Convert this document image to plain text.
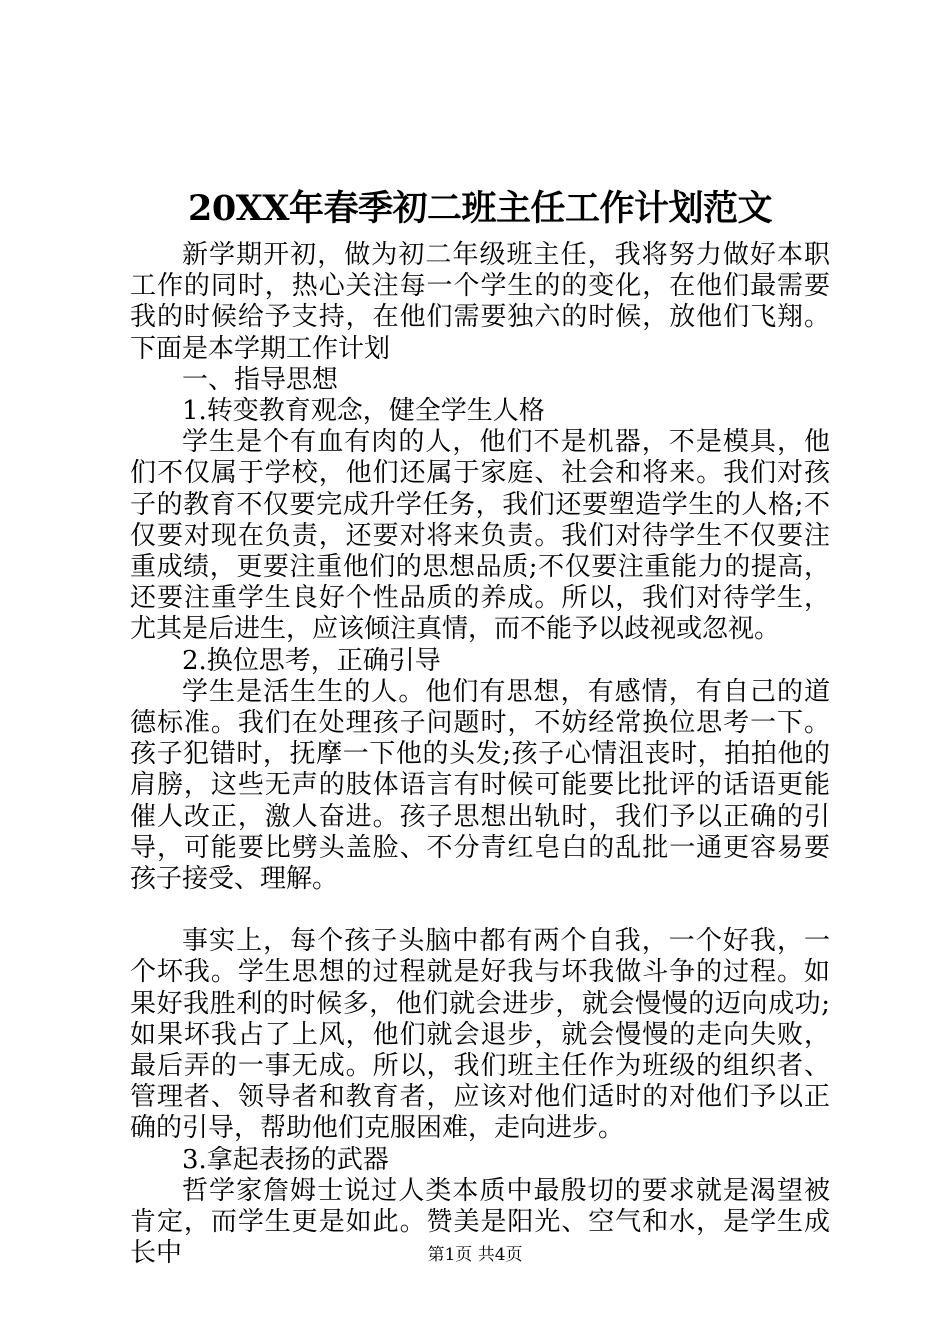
20XX年春季初二班主任工作计划范文

新学期开初，做为初二年级班主任，我将努力做好本职工作的同时，热心关注每一个学生的的变化，在他们最需要我的时候给予支持，在他们需要独六的时候，放他们飞翔。下面是本学期工作计划

一、指导思想

1.转变教育观念，健全学生人格

学生是个有血有肉的人，他们不是机器，不是模具，他们不仅属于学校，他们还属于家庭、社会和将来。我们对孩子的教育不仅要完成升学任务，我们还要塑造学生的人格;不仅要对现在负责，还要对将来负责。我们对待学生不仅要注重成绩，更要注重他们的思想品质;不仅要注重能力的提高，还要注重学生良好个性品质的养成。所以，我们对待学生，尤其是后进生，应该倾注真情，而不能予以歧视或忽视。

2.换位思考，正确引导

学生是活生生的人。他们有思想，有感情，有自己的道德标准。我们在处理孩子问题时，不妨经常换位思考一下。孩子犯错时，抚摩一下他的头发;孩子心情沮丧时，拍拍他的肩膀，这些无声的肢体语言有时候可能要比批评的话语更能催人改正，激人奋进。孩子思想出轨时，我们予以正确的引导，可能要比劈头盖脸、不分青红皂白的乱批一通更容易要孩子接受、理解。

事实上，每个孩子头脑中都有两个自我，一个好我，一个坏我。学生思想的过程就是好我与坏我做斗争的过程。如果好我胜利的时候多，他们就会进步，就会慢慢的迈向成功;如果坏我占了上风，他们就会退步，就会慢慢的走向失败，最后弄的一事无成。所以，我们班主任作为班级的组织者、管理者、领导者和教育者，应该对他们适时的对他们予以正确的引导，帮助他们克服困难，走向进步。

3.拿起表扬的武器

哲学家詹姆士说过人类本质中最殷切的要求就是渴望被肯定，而学生更是如此。赞美是阳光、空气和水，是学生成长中	第1页 共4页
